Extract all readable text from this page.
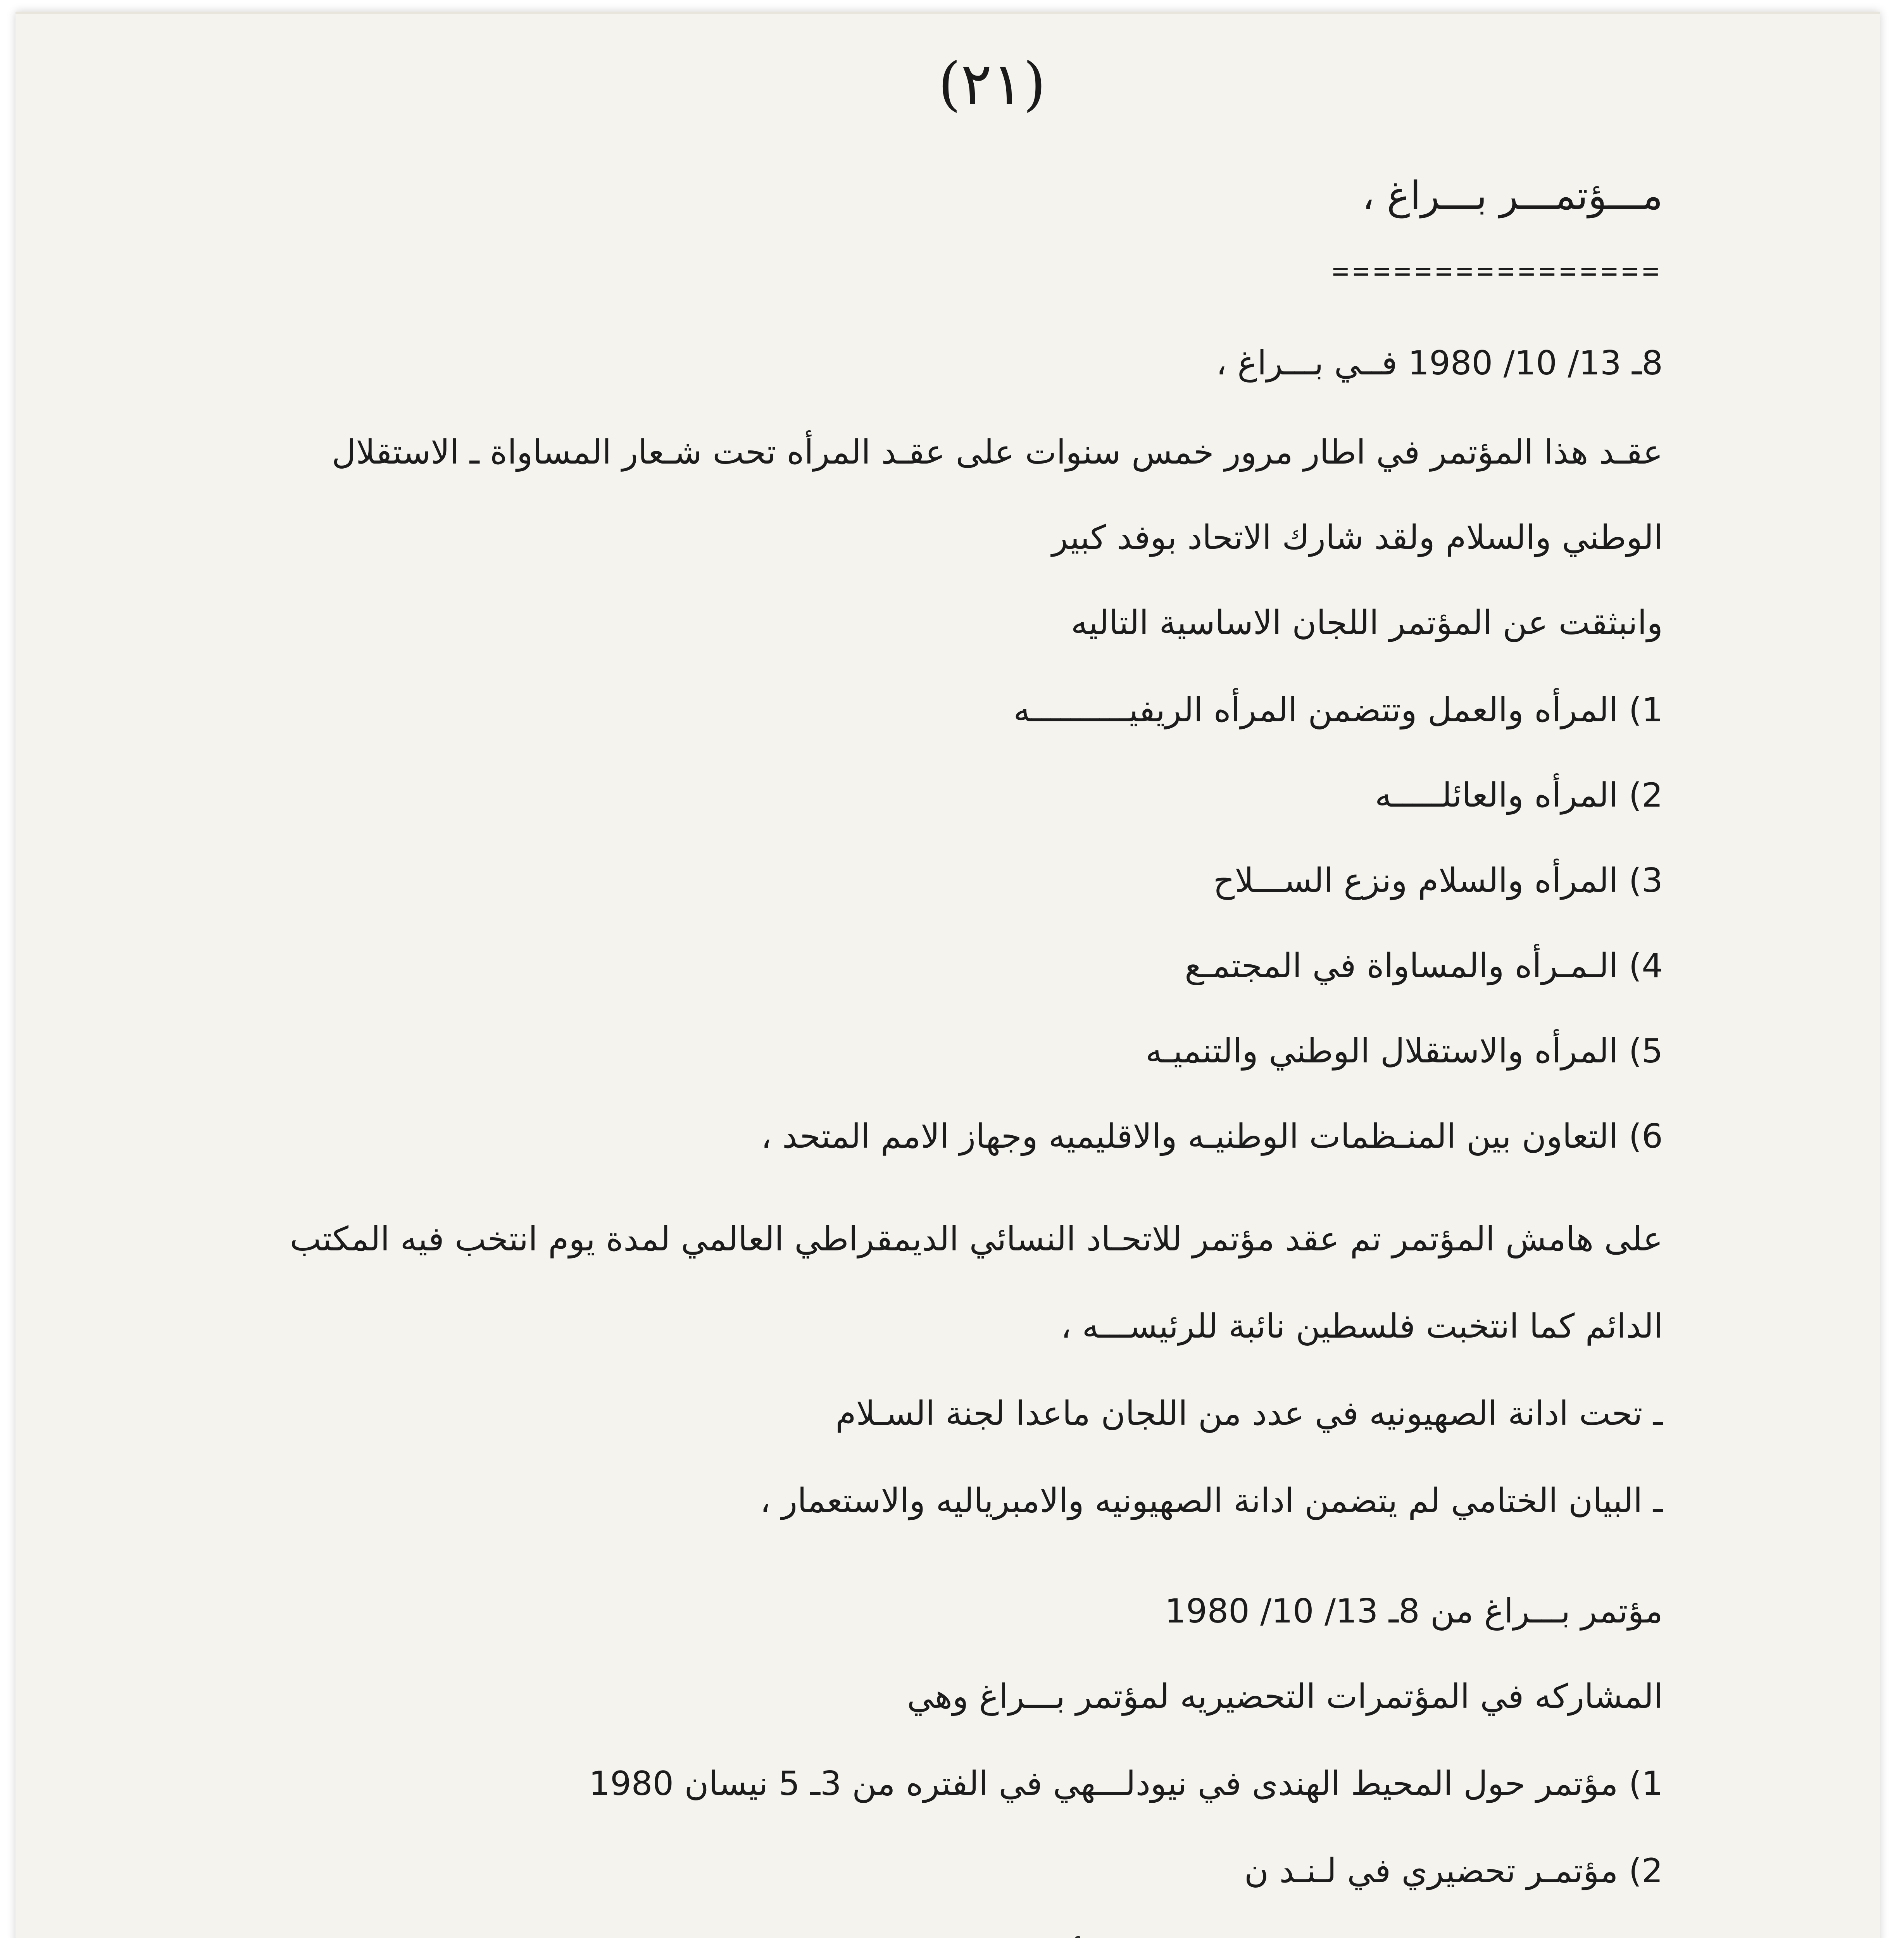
(٢١)
مـــؤتمـــر بـــراغ ،
================
8ـ 13/ 10/ 1980 فــي بـــراغ ،
عقـد هذا المؤتمر في اطار مرور خمس سنوات على عقـد المرأه تحت شـعار المساواة ـ الاستقلال
الوطني والسلام ولقد شارك الاتحاد بوفد كبير
وانبثقت عن المؤتمر اللجان الاساسية التاليه
1) المرأه والعمل وتتضمن المرأه الريفيــــــــــه
2) المرأه والعائلـــــه
3) المرأه والسلام ونزع الســـلاح
4) الـمـرأه والمساواة في المجتمـع
5) المرأه والاستقلال الوطني والتنميـه
6) التعاون بين المنـظمات الوطنيـه والاقليميه وجهاز الامم المتحد ،
على هامش المؤتمر تم عقد مؤتمر للاتحـاد النسائي الديمقراطي العالمي لمدة يوم انتخب فيه المكتب
الدائم كما انتخبت فلسطين نائبة للرئيســـه ،
ـ تحت ادانة الصهيونيه في عدد من اللجان ماعدا لجنة السـلام
ـ البيان الختامي لم يتضمن ادانة الصهيونيه والامبرياليه والاستعمار ،
مؤتمر بـــراغ من 8ـ 13/ 10/ 1980
المشاركه في المؤتمرات التحضيريه لمؤتمر بـــراغ وهي
1) مؤتمر حول المحيط الهندى في نيودلـــهي في الفتره من 3ـ 5 نيسان 1980
2) مؤتمـر تحضيري في لـنـد ن
